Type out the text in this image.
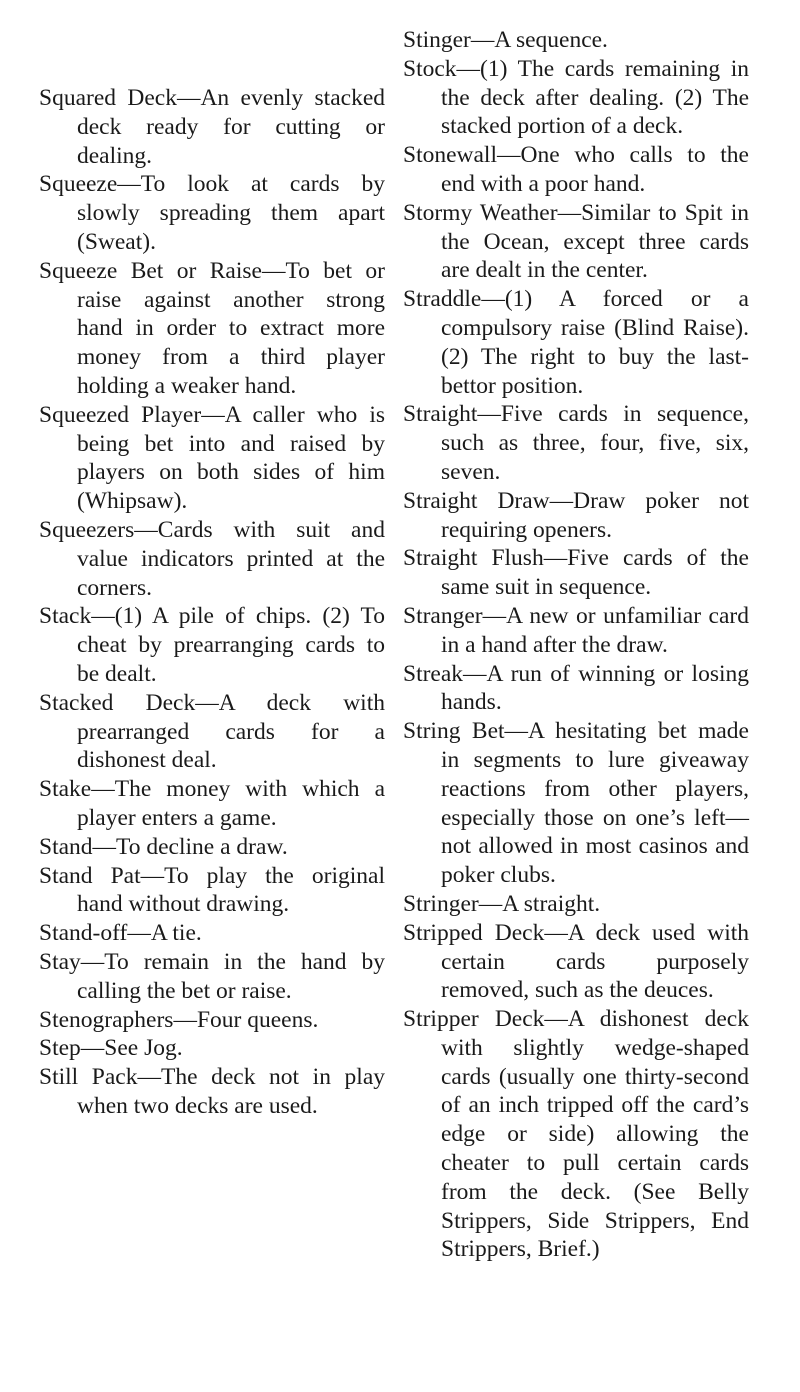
Squared Deck—An evenly stacked deck ready for cutting or dealing.

Squeeze—To look at cards by slowly spreading them apart (Sweat).

Squeeze Bet or Raise—To bet or raise against another strong hand in order to extract more money from a third player holding a weaker hand.

Squeezed Player—A caller who is being bet into and raised by players on both sides of him (Whipsaw).

Squeezers—Cards with suit and value indicators printed at the corners.

Stack—(1) A pile of chips. (2) To cheat by prearranging cards to be dealt.

Stacked Deck—A deck with prearranged cards for a dishonest deal.

Stake—The money with which a player enters a game.

Stand—To decline a draw.

Stand Pat—To play the original hand without drawing.

Stand-off—A tie.

Stay—To remain in the hand by calling the bet or raise.

Stenographers—Four queens.

Step—See Jog.

Still Pack—The deck not in play when two decks are used.

Stinger—A sequence.

Stock—(1) The cards remaining in the deck after dealing. (2) The stacked portion of a deck.

Stonewall—One who calls to the end with a poor hand.

Stormy Weather—Similar to Spit in the Ocean, except three cards are dealt in the center.

Straddle—(1) A forced or a compulsory raise (Blind Raise). (2) The right to buy the last-bettor position.

Straight—Five cards in sequence, such as three, four, five, six, seven.

Straight Draw—Draw poker not requiring openers.

Straight Flush—Five cards of the same suit in sequence.

Stranger—A new or unfamiliar card in a hand after the draw.

Streak—A run of winning or losing hands.

String Bet—A hesitating bet made in segments to lure giveaway reactions from other players, especially those on one’s left—not allowed in most casinos and poker clubs.

Stringer—A straight.

Stripped Deck—A deck used with certain cards purposely removed, such as the deuces.

Stripper Deck—A dishonest deck with slightly wedge-shaped cards (usually one thirty-second of an inch tripped off the card’s edge or side) allowing the cheater to pull certain cards from the deck. (See Belly Strippers, Side Strippers, End Strippers, Brief.)
